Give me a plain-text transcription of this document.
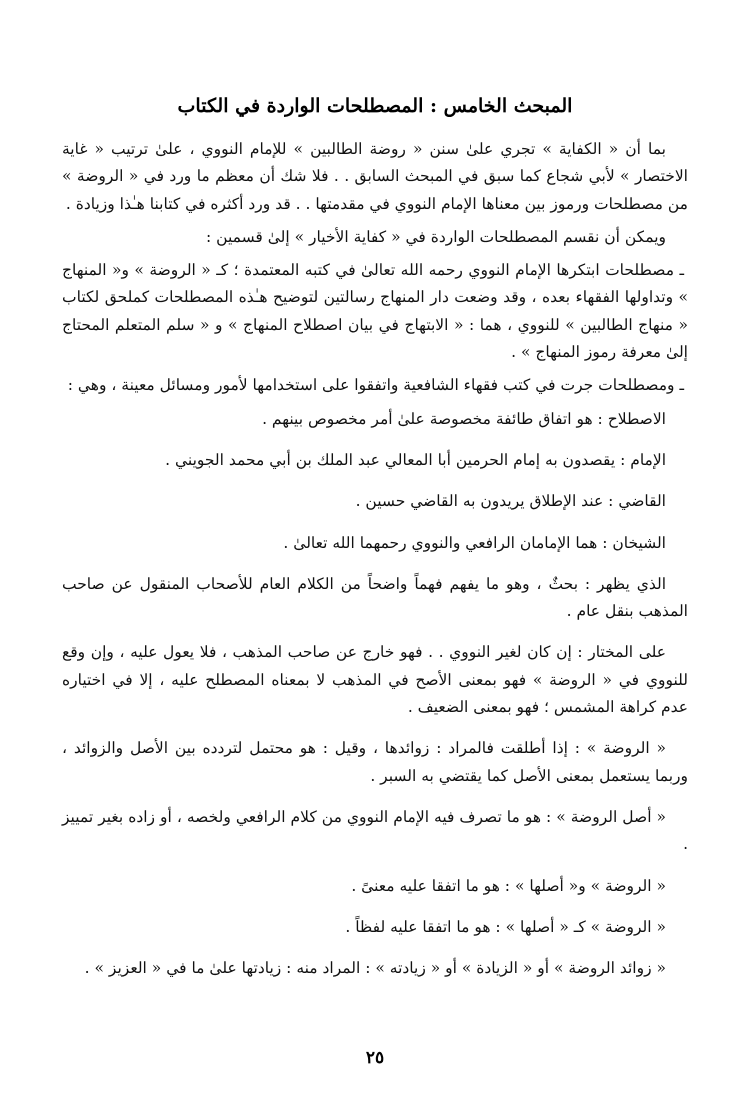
المبحث الخامس : المصطلحات الواردة في الكتاب

بما أن « الكفاية » تجري علىٰ سنن « روضة الطالبين » للإمام النووي ، علىٰ ترتيب « غاية الاختصار » لأبي شجاع كما سبق في المبحث السابق . . فلا شك أن معظم ما ورد في « الروضة » من مصطلحات ورموز بين معناها الإمام النووي في مقدمتها . . قد ورد أكثره في كتابنا هـٰذا وزيادة .

ويمكن أن نقسم المصطلحات الواردة في « كفاية الأخيار » إلىٰ قسمين :

ـ مصطلحات ابتكرها الإمام النووي رحمه الله تعالىٰ في كتبه المعتمدة ؛ كـ « الروضة » و« المنهاج » وتداولها الفقهاء بعده ، وقد وضعت دار المنهاج رسالتين لتوضيح هـٰذه المصطلحات كملحق لكتاب « منهاج الطالبين » للنووي ، هما : « الابتهاج في بيان اصطلاح المنهاج » و « سلم المتعلم المحتاج إلىٰ معرفة رموز المنهاج » .

ـ ومصطلحات جرت في كتب فقهاء الشافعية واتفقوا على استخدامها لأمور ومسائل معينة ، وهي :

الاصطلاح : هو اتفاق طائفة مخصوصة علىٰ أمر مخصوص بينهم .

الإمام : يقصدون به إمام الحرمين أبا المعالي عبد الملك بن أبي محمد الجويني .

القاضي : عند الإطلاق يريدون به القاضي حسين .

الشيخان : هما الإمامان الرافعي والنووي رحمهما الله تعالىٰ .

الذي يظهر : بحثٌ ، وهو ما يفهم فهماً واضحاً من الكلام العام للأصحاب المنقول عن صاحب المذهب بنقل عام .

على المختار : إن كان لغير النووي . . فهو خارج عن صاحب المذهب ، فلا يعول عليه ، وإن وقع للنووي في « الروضة » فهو بمعنى الأصح في المذهب لا بمعناه المصطلح عليه ، إلا في اختياره عدم كراهة المشمس ؛ فهو بمعنى الضعيف .

« الروضة » : إذا أطلقت فالمراد : زوائدها ، وقيل : هو محتمل لتردده بين الأصل والزوائد ، وربما يستعمل بمعنى الأصل كما يقتضي به السبر .

« أصل الروضة » : هو ما تصرف فيه الإمام النووي من كلام الرافعي ولخصه ، أو زاده بغير تمييز .

« الروضة » و« أصلها » : هو ما اتفقا عليه معنىً .

« الروضة » كـ « أصلها » : هو ما اتفقا عليه لفظاً .

« زوائد الروضة » أو « الزيادة » أو « زيادته » : المراد منه : زيادتها علىٰ ما في « العزيز » .

٢٥
